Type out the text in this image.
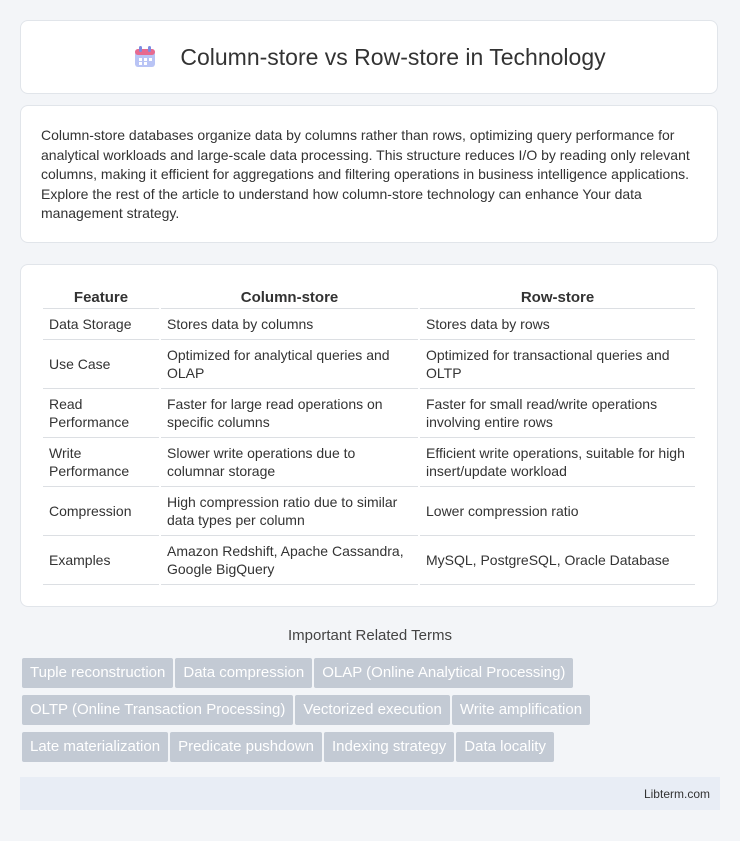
Column-store vs Row-store in Technology
Column-store databases organize data by columns rather than rows, optimizing query performance for analytical workloads and large-scale data processing. This structure reduces I/O by reading only relevant columns, making it efficient for aggregations and filtering operations in business intelligence applications. Explore the rest of the article to understand how column-store technology can enhance Your data management strategy.
Feature	Column-store	Row-store
Data Storage	Stores data by columns	Stores data by rows
Use Case	Optimized for analytical queries and OLAP	Optimized for transactional queries and OLTP
Read Performance	Faster for large read operations on specific columns	Faster for small read/write operations involving entire rows
Write Performance	Slower write operations due to columnar storage	Efficient write operations, suitable for high insert/update workload
Compression	High compression ratio due to similar data types per column	Lower compression ratio
Examples	Amazon Redshift, Apache Cassandra, Google BigQuery	MySQL, PostgreSQL, Oracle Database
Important Related Terms
Tuple reconstruction Data compression OLAP (Online Analytical Processing)
OLTP (Online Transaction Processing) Vectorized execution Write amplification
Late materialization Predicate pushdown Indexing strategy Data locality
Libterm.com
